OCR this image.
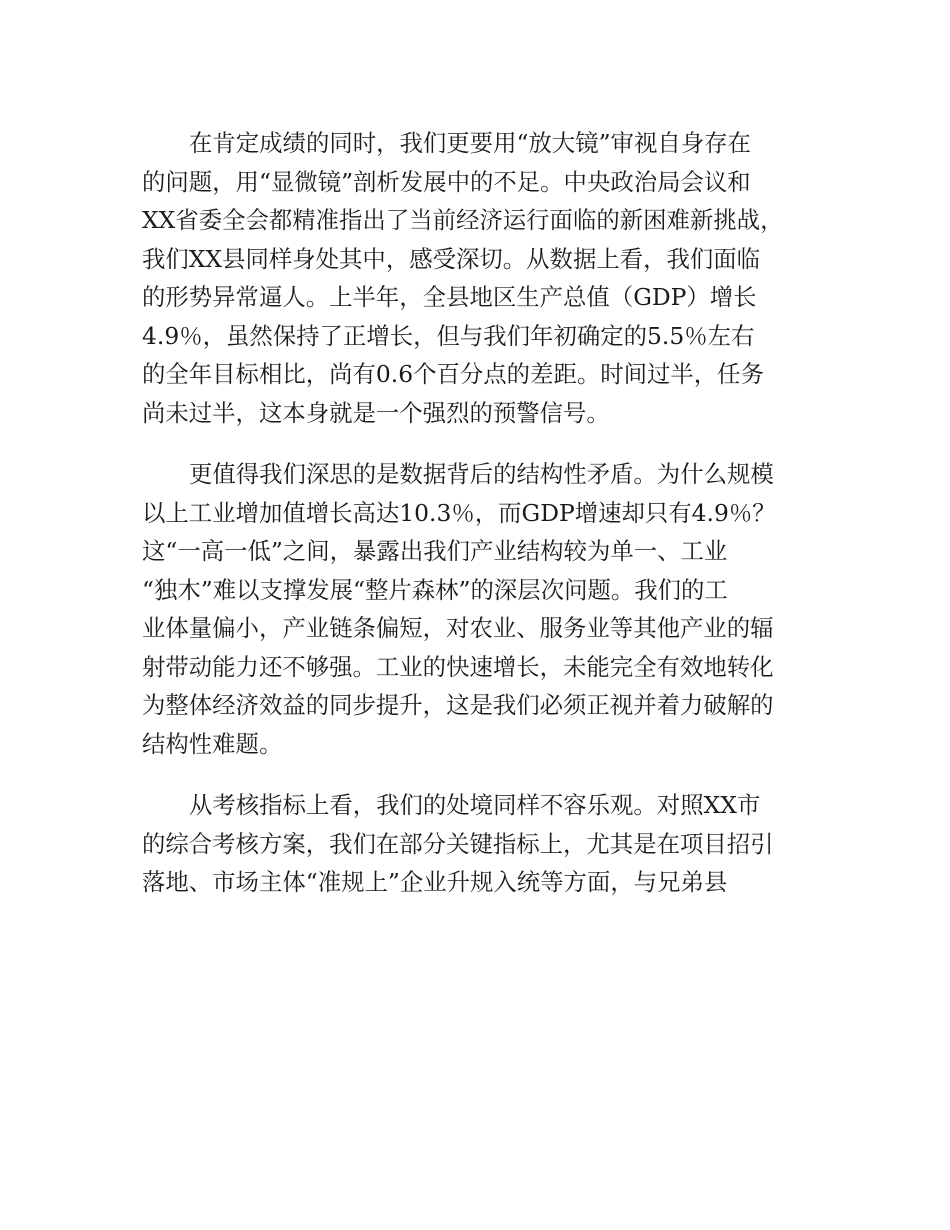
在肯定成绩的同时，我们更要用“放大镜”审视自身存在
的问题，用“显微镜”剖析发展中的不足。中央政治局会议和
XX省委全会都精准指出了当前经济运行面临的新困难新挑战，
我们XX县同样身处其中，感受深切。从数据上看，我们面临
的形势异常逼人。上半年，全县地区生产总值（GDP）增长
4.9％，虽然保持了正增长，但与我们年初确定的5.5％左右
的全年目标相比，尚有0.6个百分点的差距。时间过半，任务
尚未过半，这本身就是一个强烈的预警信号。
更值得我们深思的是数据背后的结构性矛盾。为什么规模
以上工业增加值增长高达10.3％，而GDP增速却只有4.9％？
这“一高一低”之间，暴露出我们产业结构较为单一、工业
“独木”难以支撑发展“整片森林”的深层次问题。我们的工
业体量偏小，产业链条偏短，对农业、服务业等其他产业的辐
射带动能力还不够强。工业的快速增长，未能完全有效地转化
为整体经济效益的同步提升，这是我们必须正视并着力破解的
结构性难题。
从考核指标上看，我们的处境同样不容乐观。对照XX市
的综合考核方案，我们在部分关键指标上，尤其是在项目招引
落地、市场主体“准规上”企业升规入统等方面，与兄弟县
